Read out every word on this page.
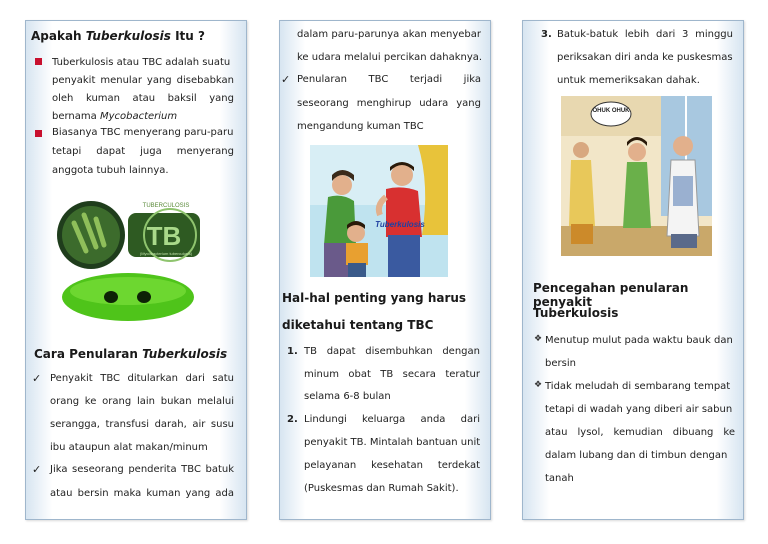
Apakah Tuberkulosis Itu ?
Tuberkulosis atau TBC adalah suatu
penyakit menular yang disebabkan
oleh kuman atau baksil yang
bernama Mycobacterium
Biasanya TBC menyerang paru-paru
tetapi dapat juga menyerang
anggota tubuh lainnya.
TB
TUBERCULOSIS
(Mycobacterium tuberculosis)
Cara Penularan Tuberkulosis
✓ Penyakit TBC ditularkan dari satu
orang ke orang lain bukan melalui
serangga, transfusi darah, air susu
ibu ataupun alat makan/minum
✓ Jika seseorang penderita TBC batuk
atau bersin maka kuman yang ada
dalam paru-parunya akan menyebar
ke udara melalui percikan dahaknya.
✓ Penularan TBC terjadi jika
seseorang menghirup udara yang
mengandung kuman TBC
Tuberkulosis
Hal-hal penting yang harus
diketahui tentang TBC
1. TB dapat disembuhkan dengan
minum obat TB secara teratur
selama 6-8 bulan
2. Lindungi keluarga anda dari
penyakit TB. Mintalah bantuan unit
pelayanan kesehatan terdekat
(Puskesmas dan Rumah Sakit).
3. Batuk-batuk lebih dari 3 minggu
periksakan diri anda ke puskesmas
untuk memeriksakan dahak.
OHUK OHUK
Pencegahan penularan penyakit
Tuberkulosis
❖ Menutup mulut pada waktu bauk dan
bersin
❖ Tidak meludah di sembarang tempat
tetapi di wadah yang diberi air sabun
atau lysol, kemudian dibuang ke
dalam lubang dan di timbun dengan
tanah
